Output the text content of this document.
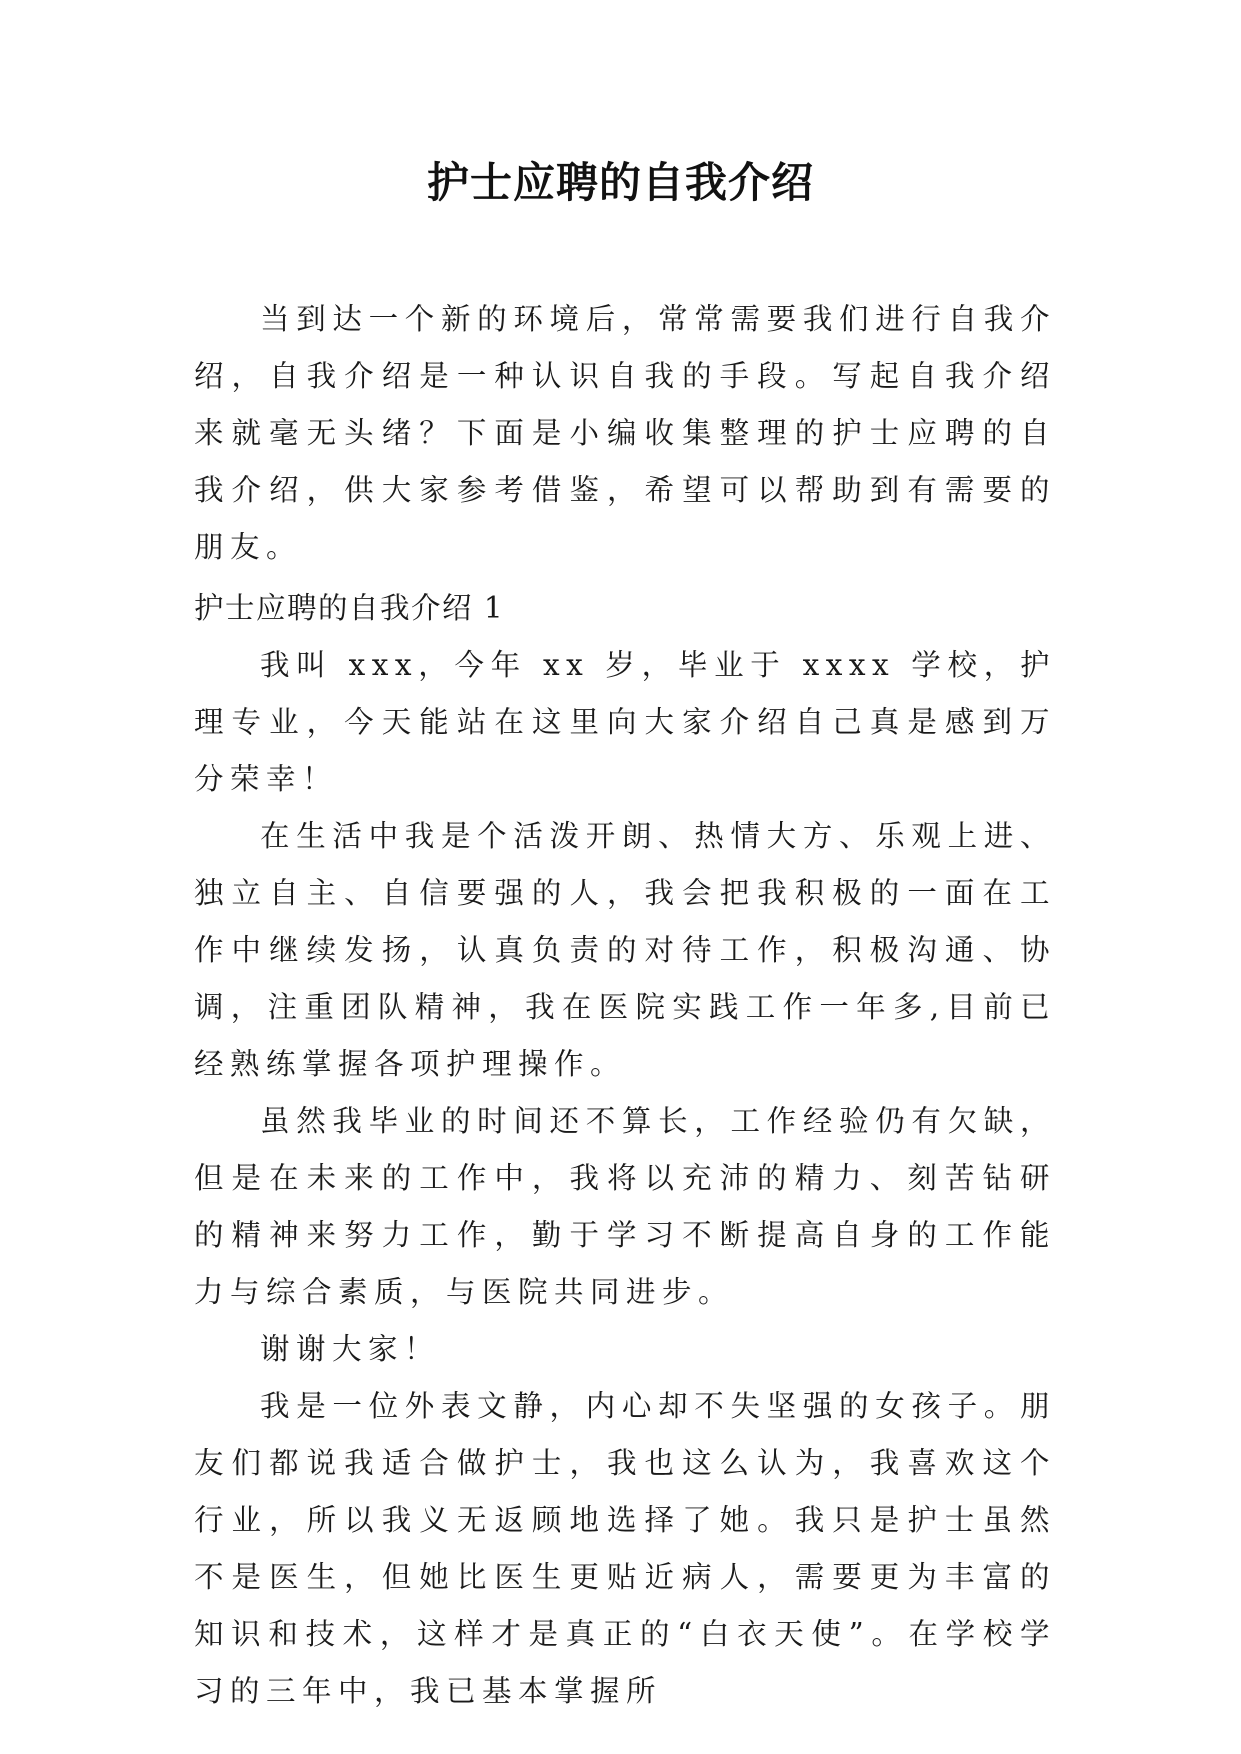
护士应聘的自我介绍

当到达一个新的环境后，常常需要我们进行自我介绍，自我介绍是一种认识自我的手段。写起自我介绍来就毫无头绪？下面是小编收集整理的护士应聘的自我介绍，供大家参考借鉴，希望可以帮助到有需要的朋友。

护士应聘的自我介绍 1

我叫 xxx，今年 xx 岁，毕业于 xxxx 学校，护理专业，今天能站在这里向大家介绍自己真是感到万分荣幸！

在生活中我是个活泼开朗、热情大方、乐观上进、独立自主、自信要强的人，我会把我积极的一面在工作中继续发扬，认真负责的对待工作，积极沟通、协调，注重团队精神，我在医院实践工作一年多,目前已经熟练掌握各项护理操作。

虽然我毕业的时间还不算长，工作经验仍有欠缺，但是在未来的工作中，我将以充沛的精力、刻苦钻研的精神来努力工作，勤于学习不断提高自身的工作能力与综合素质，与医院共同进步。

谢谢大家！

我是一位外表文静，内心却不失坚强的女孩子。朋友们都说我适合做护士，我也这么认为，我喜欢这个行业，所以我义无返顾地选择了她。我只是护士虽然不是医生，但她比医生更贴近病人，需要更为丰富的知识和技术，这样才是真正的“白衣天使”。在学校学习的三年中，我已基本掌握所
